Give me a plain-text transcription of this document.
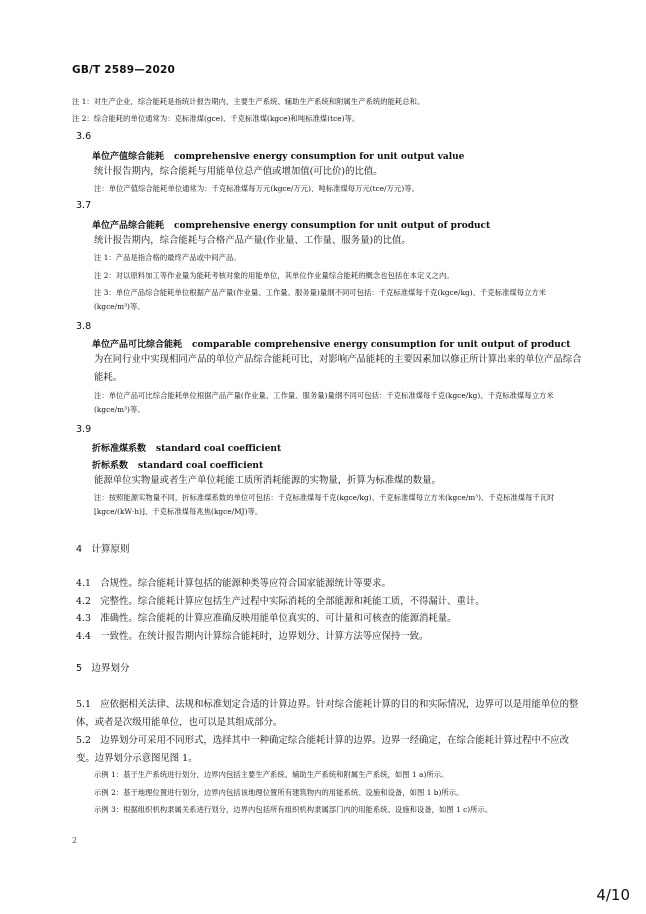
GB/T 2589—2020
注 1：对生产企业，综合能耗是指统计报告期内，主要生产系统、辅助生产系统和附属生产系统的能耗总和。
注 2：综合能耗的单位通常为：克标准煤(gce)、千克标准煤(kgce)和吨标准煤(tce)等。
3.6
单位产值综合能耗 comprehensive energy consumption for unit output value
统计报告期内，综合能耗与用能单位总产值或增加值(可比价)的比值。
注：单位产值综合能耗单位通常为：千克标准煤每万元(kgce/万元)、吨标准煤每万元(tce/万元)等。
3.7
单位产品综合能耗 comprehensive energy consumption for unit output of product
统计报告期内，综合能耗与合格产品产量(作业量、工作量、服务量)的比值。
注 1：产品是指合格的最终产品或中间产品。
注 2：对以原料加工等作业量为能耗考核对象的用能单位，其单位作业量综合能耗的概念也包括在本定义之内。
注 3：单位产品综合能耗单位根据产品产量(作业量、工作量、服务量)量纲不同可包括：千克标准煤每千克(kgce/kg)、千克标准煤每立方米(kgce/m³)等。
3.8
单位产品可比综合能耗 comparable comprehensive energy consumption for unit output of product
为在同行业中实现相同产品的单位产品综合能耗可比，对影响产品能耗的主要因素加以修正所计算出来的单位产品综合能耗。
注：单位产品可比综合能耗单位根据产品产量(作业量、工作量、服务量)量纲不同可包括：千克标准煤每千克(kgce/kg)、千克标准煤每立方米(kgce/m³)等。
3.9
折标准煤系数 standard coal coefficient
折标系数 standard coal coefficient
能源单位实物量或者生产单位耗能工质所消耗能源的实物量，折算为标准煤的数量。
注：按照能源实物量不同，折标准煤系数的单位可包括：千克标准煤每千克(kgce/kg)、千克标准煤每立方米(kgce/m³)、千克标准煤每千瓦时[kgce/(kW·h)]、千克标准煤每兆焦(kgce/MJ)等。
4　计算原则
4.1　合规性。综合能耗计算包括的能源种类等应符合国家能源统计等要求。
4.2　完整性。综合能耗计算应包括生产过程中实际消耗的全部能源和耗能工质，不得漏计、重计。
4.3　准确性。综合能耗的计算应准确反映用能单位真实的、可计量和可核查的能源消耗量。
4.4　一致性。在统计报告期内计算综合能耗时，边界划分、计算方法等应保持一致。
5　边界划分
5.1　应依据相关法律、法规和标准划定合适的计算边界。针对综合能耗计算的目的和实际情况，边界可以是用能单位的整体，或者是次级用能单位，也可以是其组成部分。
5.2　边界划分可采用不同形式，选择其中一种确定综合能耗计算的边界。边界一经确定，在综合能耗计算过程中不应改变。边界划分示意图见图 1。
示例 1：基于生产系统进行划分，边界内包括主要生产系统、辅助生产系统和附属生产系统，如图 1 a)所示。
示例 2：基于地理位置进行划分，边界内包括该地理位置所有建筑物内的用能系统、设施和设备，如图 1 b)所示。
示例 3：根据组织机构隶属关系进行划分，边界内包括所有组织机构隶属部门内的用能系统、设施和设备，如图 1 c)所示。
2
4/10
